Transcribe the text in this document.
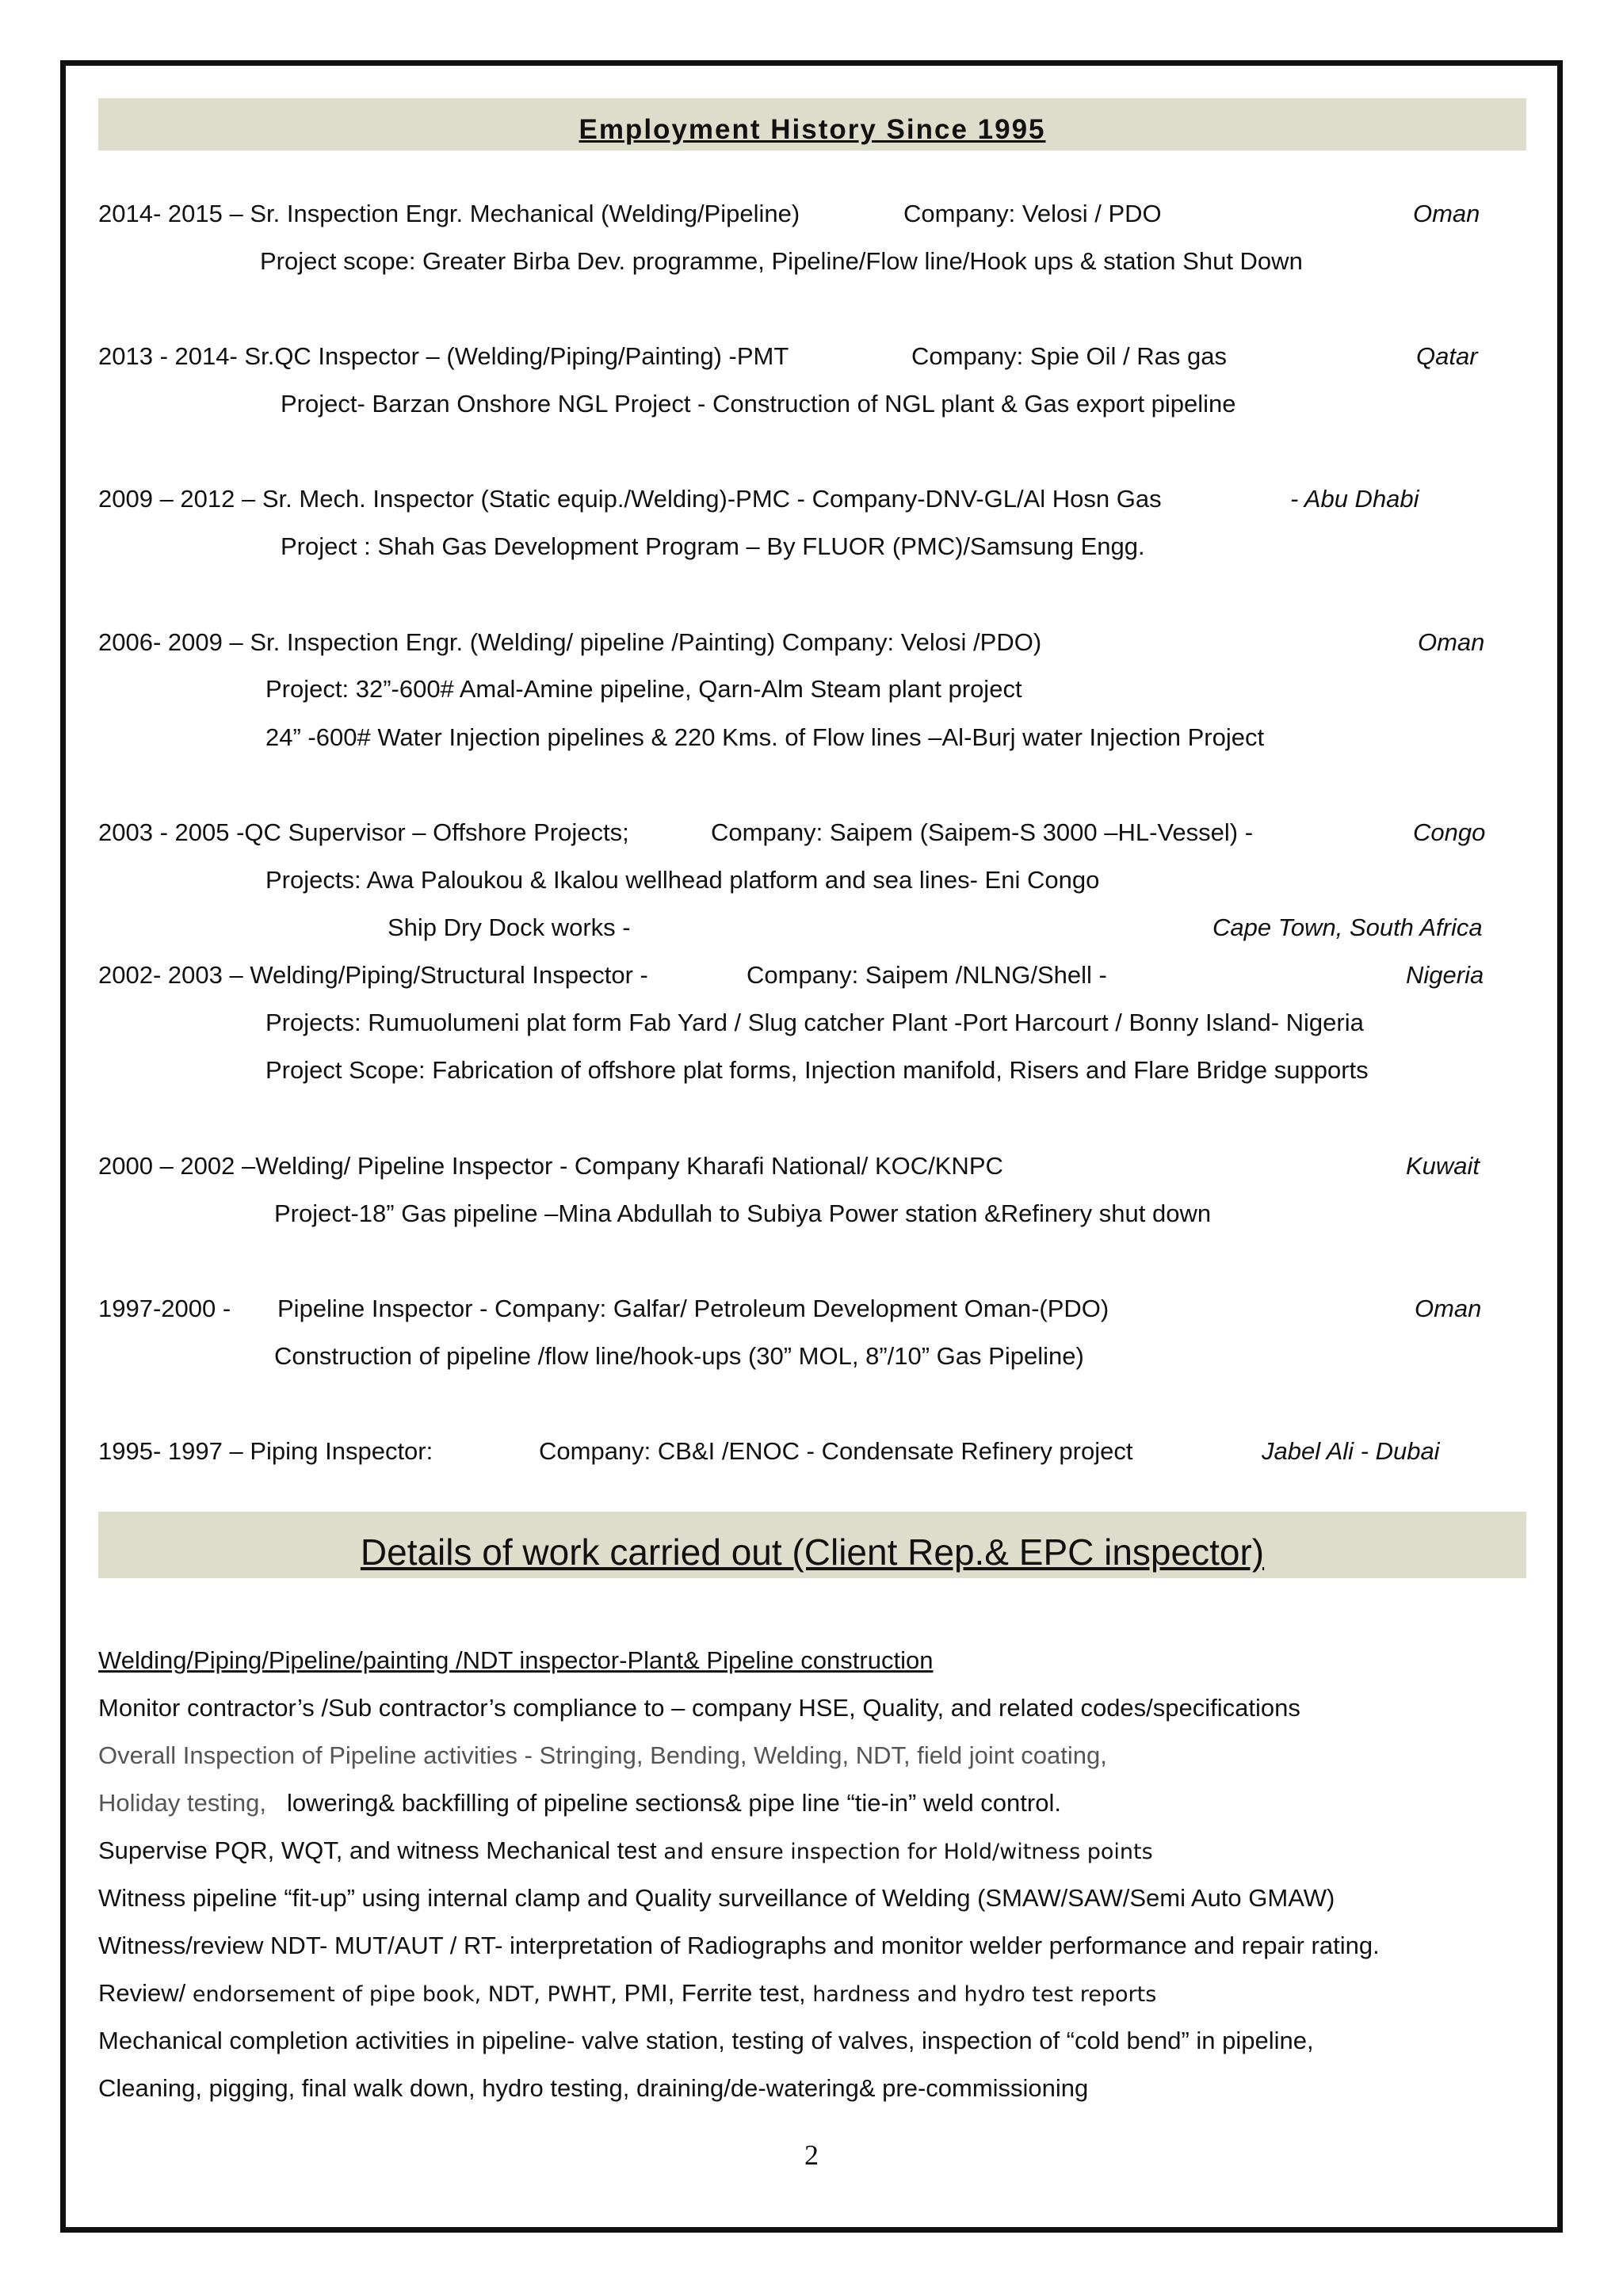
Employment History Since 1995
2014- 2015 – Sr. Inspection Engr. Mechanical (Welding/Pipeline)	Company: Velosi / PDO	Oman
Project scope: Greater Birba Dev. programme, Pipeline/Flow line/Hook ups & station Shut Down
2013 - 2014- Sr.QC Inspector – (Welding/Piping/Painting) -PMT	Company: Spie Oil / Ras gas	Qatar
Project- Barzan Onshore NGL Project - Construction of NGL plant & Gas export pipeline
2009 – 2012 – Sr. Mech. Inspector (Static equip./Welding)-PMC - Company-DNV-GL/Al Hosn Gas	- Abu Dhabi
Project : Shah Gas Development Program – By FLUOR (PMC)/Samsung Engg.
2006- 2009 – Sr. Inspection Engr. (Welding/ pipeline /Painting) Company: Velosi /PDO)	Oman
Project: 32”-600# Amal-Amine pipeline, Qarn-Alm Steam plant project
24” -600# Water Injection pipelines & 220 Kms. of Flow lines –Al-Burj water Injection Project
2003 - 2005 -QC Supervisor – Offshore Projects;	Company: Saipem (Saipem-S 3000 –HL-Vessel) -	Congo
Projects: Awa Paloukou & Ikalou wellhead platform and sea lines- Eni Congo
Ship Dry Dock works -	Cape Town, South Africa
2002- 2003 – Welding/Piping/Structural Inspector -	Company: Saipem /NLNG/Shell -	Nigeria
Projects: Rumuolumeni plat form Fab Yard / Slug catcher Plant -Port Harcourt / Bonny Island- Nigeria
Project Scope: Fabrication of offshore plat forms, Injection manifold, Risers and Flare Bridge supports
2000 – 2002 –Welding/ Pipeline Inspector - Company Kharafi National/ KOC/KNPC	Kuwait
Project-18” Gas pipeline –Mina Abdullah to Subiya Power station &Refinery shut down
1997-2000 - Pipeline Inspector - Company: Galfar/ Petroleum Development Oman-(PDO)	Oman
Construction of pipeline /flow line/hook-ups (30” MOL, 8”/10” Gas Pipeline)
1995- 1997 – Piping Inspector:	Company: CB&I /ENOC - Condensate Refinery project	Jabel Ali - Dubai
Details of work carried out (Client Rep.& EPC inspector)
Welding/Piping/Pipeline/painting /NDT inspector-Plant& Pipeline construction
Monitor contractor’s /Sub contractor’s compliance to – company HSE, Quality, and related codes/specifications
Overall Inspection of Pipeline activities - Stringing, Bending, Welding, NDT, field joint coating,
Holiday testing, lowering& backfilling of pipeline sections& pipe line “tie-in” weld control.
Supervise PQR, WQT, and witness Mechanical test and ensure inspection for Hold/witness points
Witness pipeline “fit-up” using internal clamp and Quality surveillance of Welding (SMAW/SAW/Semi Auto GMAW)
Witness/review NDT- MUT/AUT / RT- interpretation of Radiographs and monitor welder performance and repair rating.
Review/ endorsement of pipe book, NDT, PWHT, PMI, Ferrite test, hardness and hydro test reports
Mechanical completion activities in pipeline- valve station, testing of valves, inspection of “cold bend” in pipeline,
Cleaning, pigging, final walk down, hydro testing, draining/de-watering& pre-commissioning
2
